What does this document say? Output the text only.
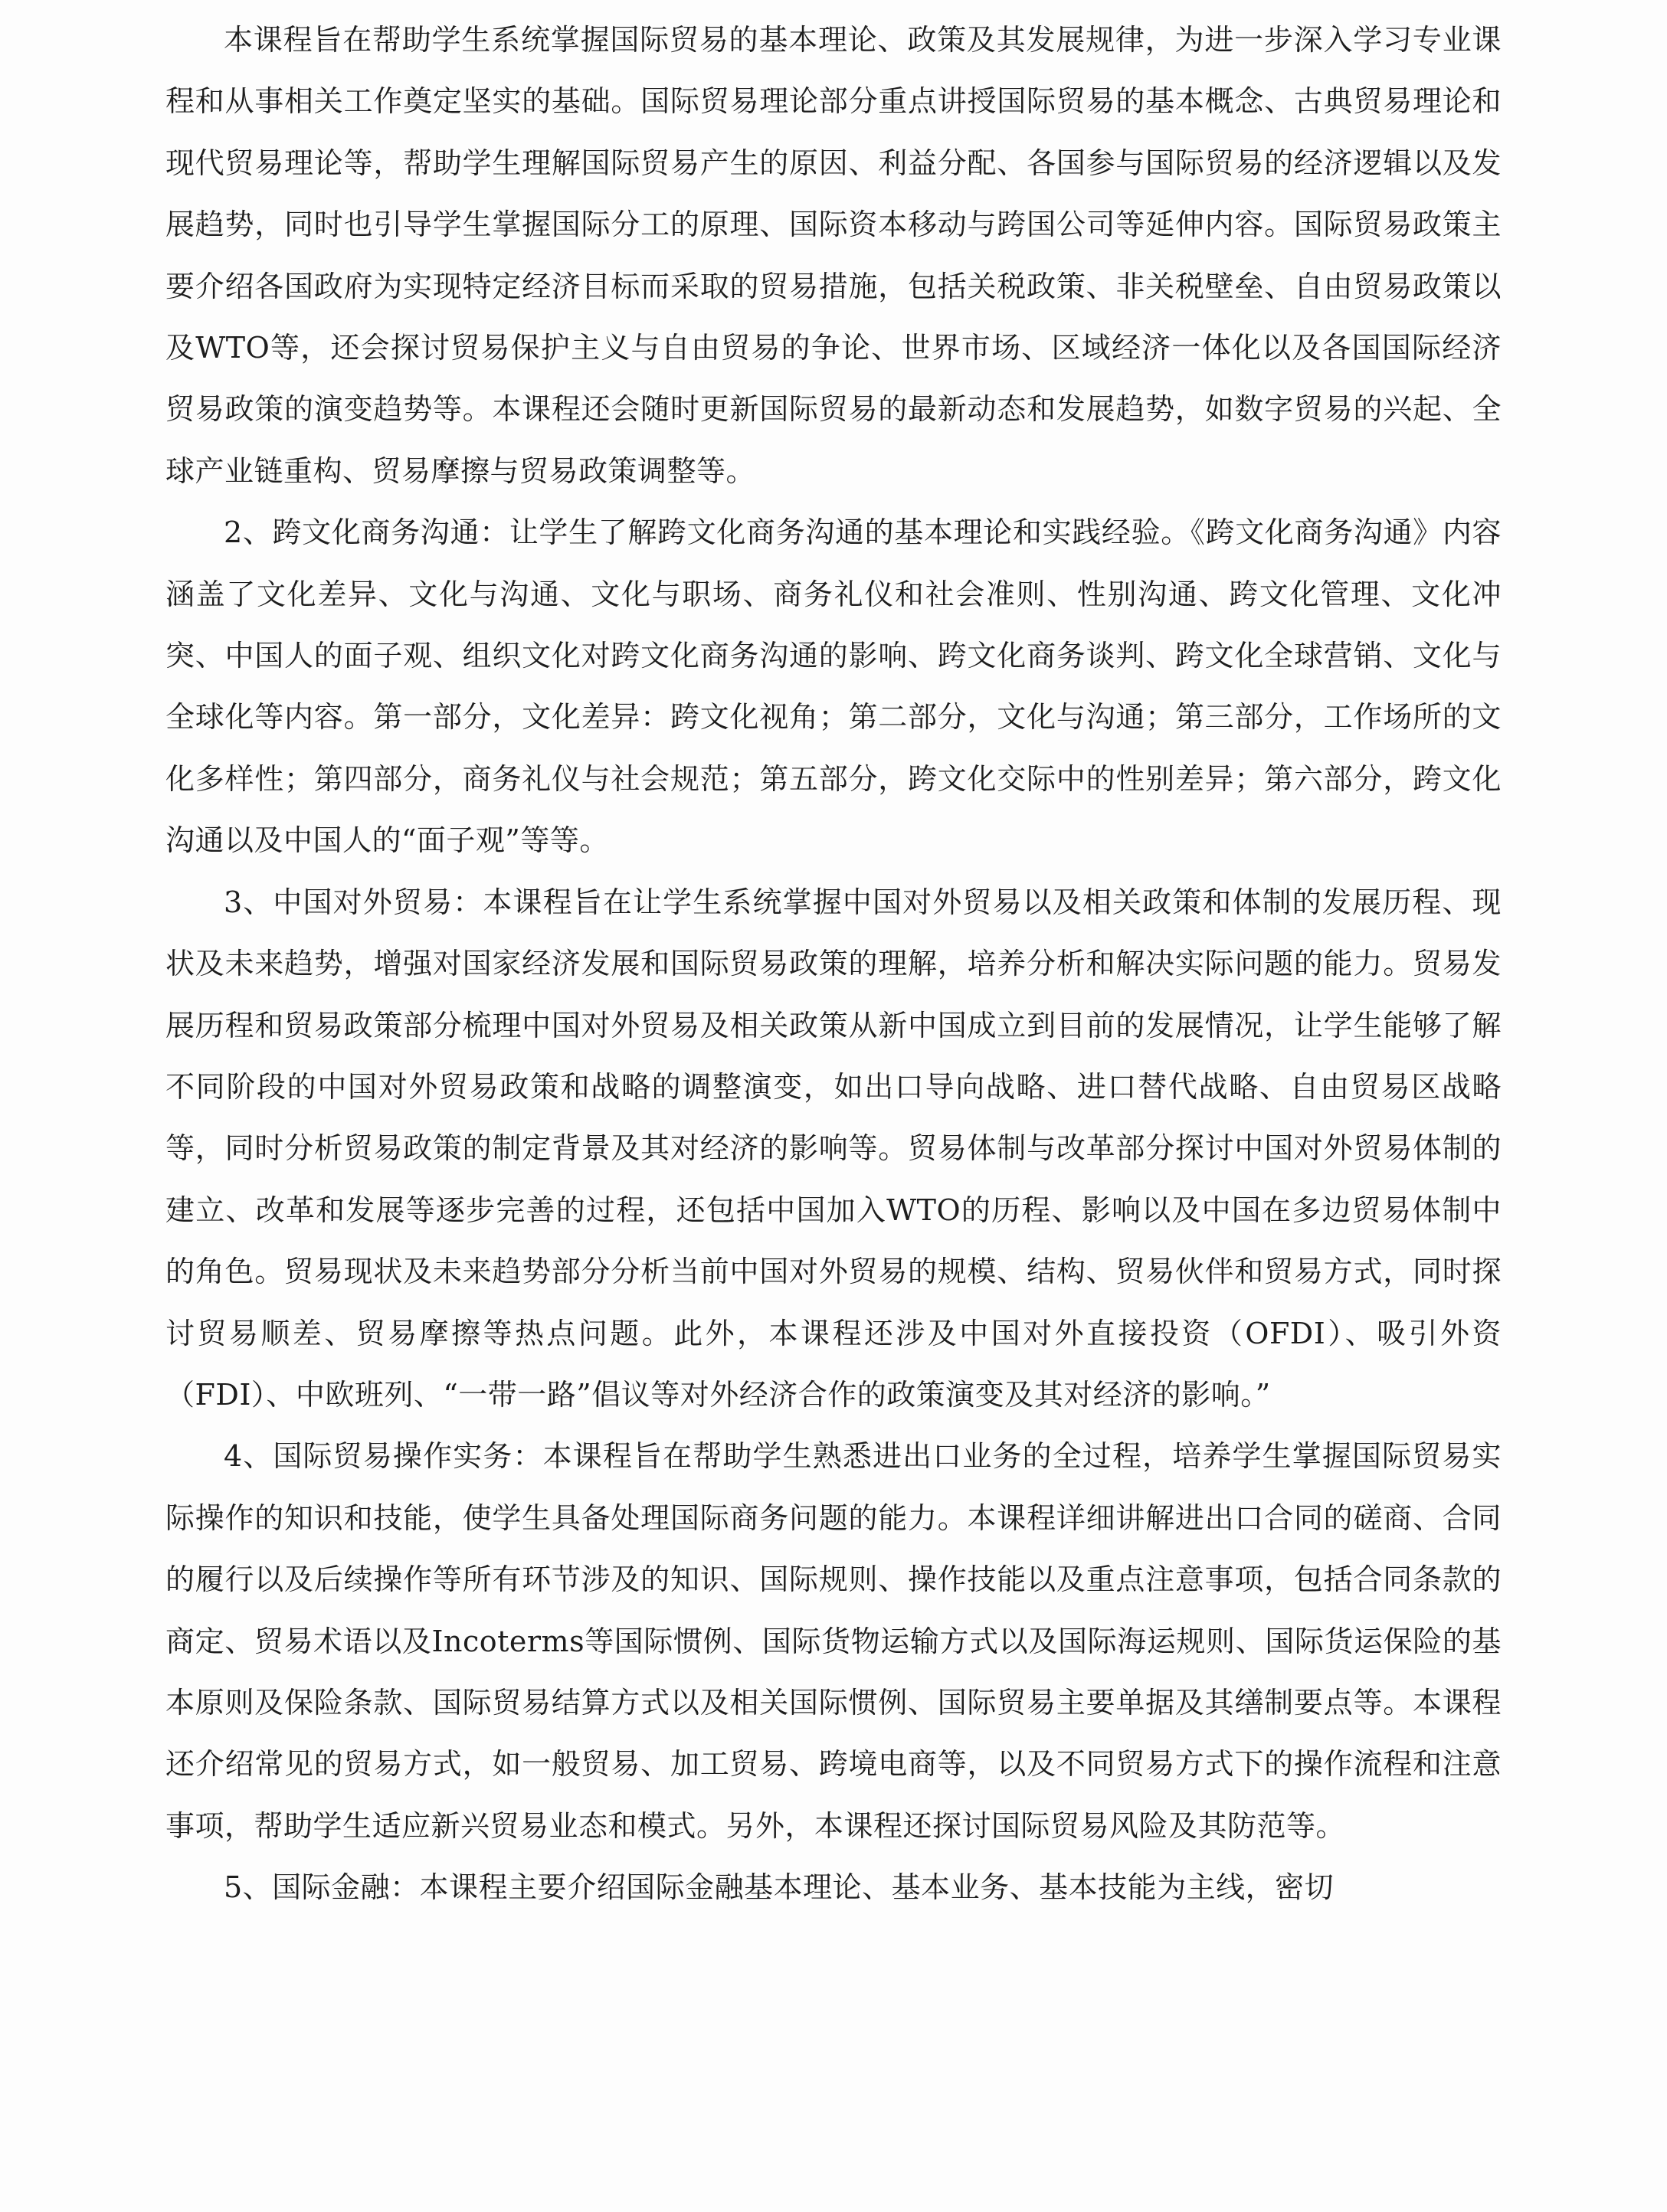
本课程旨在帮助学生系统掌握国际贸易的基本理论、政策及其发展规律，为进一步深入学习专业课程和从事相关工作奠定坚实的基础。国际贸易理论部分重点讲授国际贸易的基本概念、古典贸易理论和现代贸易理论等，帮助学生理解国际贸易产生的原因、利益分配、各国参与国际贸易的经济逻辑以及发展趋势，同时也引导学生掌握国际分工的原理、国际资本移动与跨国公司等延伸内容。国际贸易政策主要介绍各国政府为实现特定经济目标而采取的贸易措施，包括关税政策、非关税壁垒、自由贸易政策以及WTO等，还会探讨贸易保护主义与自由贸易的争论、世界市场、区域经济一体化以及各国国际经济贸易政策的演变趋势等。本课程还会随时更新国际贸易的最新动态和发展趋势，如数字贸易的兴起、全球产业链重构、贸易摩擦与贸易政策调整等。

2、跨文化商务沟通：让学生了解跨文化商务沟通的基本理论和实践经验。《跨文化商务沟通》内容涵盖了文化差异、文化与沟通、文化与职场、商务礼仪和社会准则、性别沟通、跨文化管理、文化冲突、中国人的面子观、组织文化对跨文化商务沟通的影响、跨文化商务谈判、跨文化全球营销、文化与全球化等内容。第一部分，文化差异：跨文化视角；第二部分，文化与沟通；第三部分，工作场所的文化多样性；第四部分，商务礼仪与社会规范；第五部分，跨文化交际中的性别差异；第六部分，跨文化沟通以及中国人的“面子观”等等。

3、中国对外贸易：本课程旨在让学生系统掌握中国对外贸易以及相关政策和体制的发展历程、现状及未来趋势，增强对国家经济发展和国际贸易政策的理解，培养分析和解决实际问题的能力。贸易发展历程和贸易政策部分梳理中国对外贸易及相关政策从新中国成立到目前的发展情况，让学生能够了解不同阶段的中国对外贸易政策和战略的调整演变，如出口导向战略、进口替代战略、自由贸易区战略等，同时分析贸易政策的制定背景及其对经济的影响等。贸易体制与改革部分探讨中国对外贸易体制的建立、改革和发展等逐步完善的过程，还包括中国加入WTO的历程、影响以及中国在多边贸易体制中的角色。贸易现状及未来趋势部分分析当前中国对外贸易的规模、结构、贸易伙伴和贸易方式，同时探讨贸易顺差、贸易摩擦等热点问题。此外，本课程还涉及中国对外直接投资（OFDI）、吸引外资（FDI）、中欧班列、“一带一路”倡议等对外经济合作的政策演变及其对经济的影响。”

4、国际贸易操作实务：本课程旨在帮助学生熟悉进出口业务的全过程，培养学生掌握国际贸易实际操作的知识和技能，使学生具备处理国际商务问题的能力。本课程详细讲解进出口合同的磋商、合同的履行以及后续操作等所有环节涉及的知识、国际规则、操作技能以及重点注意事项，包括合同条款的商定、贸易术语以及Incoterms等国际惯例、国际货物运输方式以及国际海运规则、国际货运保险的基本原则及保险条款、国际贸易结算方式以及相关国际惯例、国际贸易主要单据及其缮制要点等。本课程还介绍常见的贸易方式，如一般贸易、加工贸易、跨境电商等，以及不同贸易方式下的操作流程和注意事项，帮助学生适应新兴贸易业态和模式。另外，本课程还探讨国际贸易风险及其防范等。

5、国际金融：本课程主要介绍国际金融基本理论、基本业务、基本技能为主线，密切
